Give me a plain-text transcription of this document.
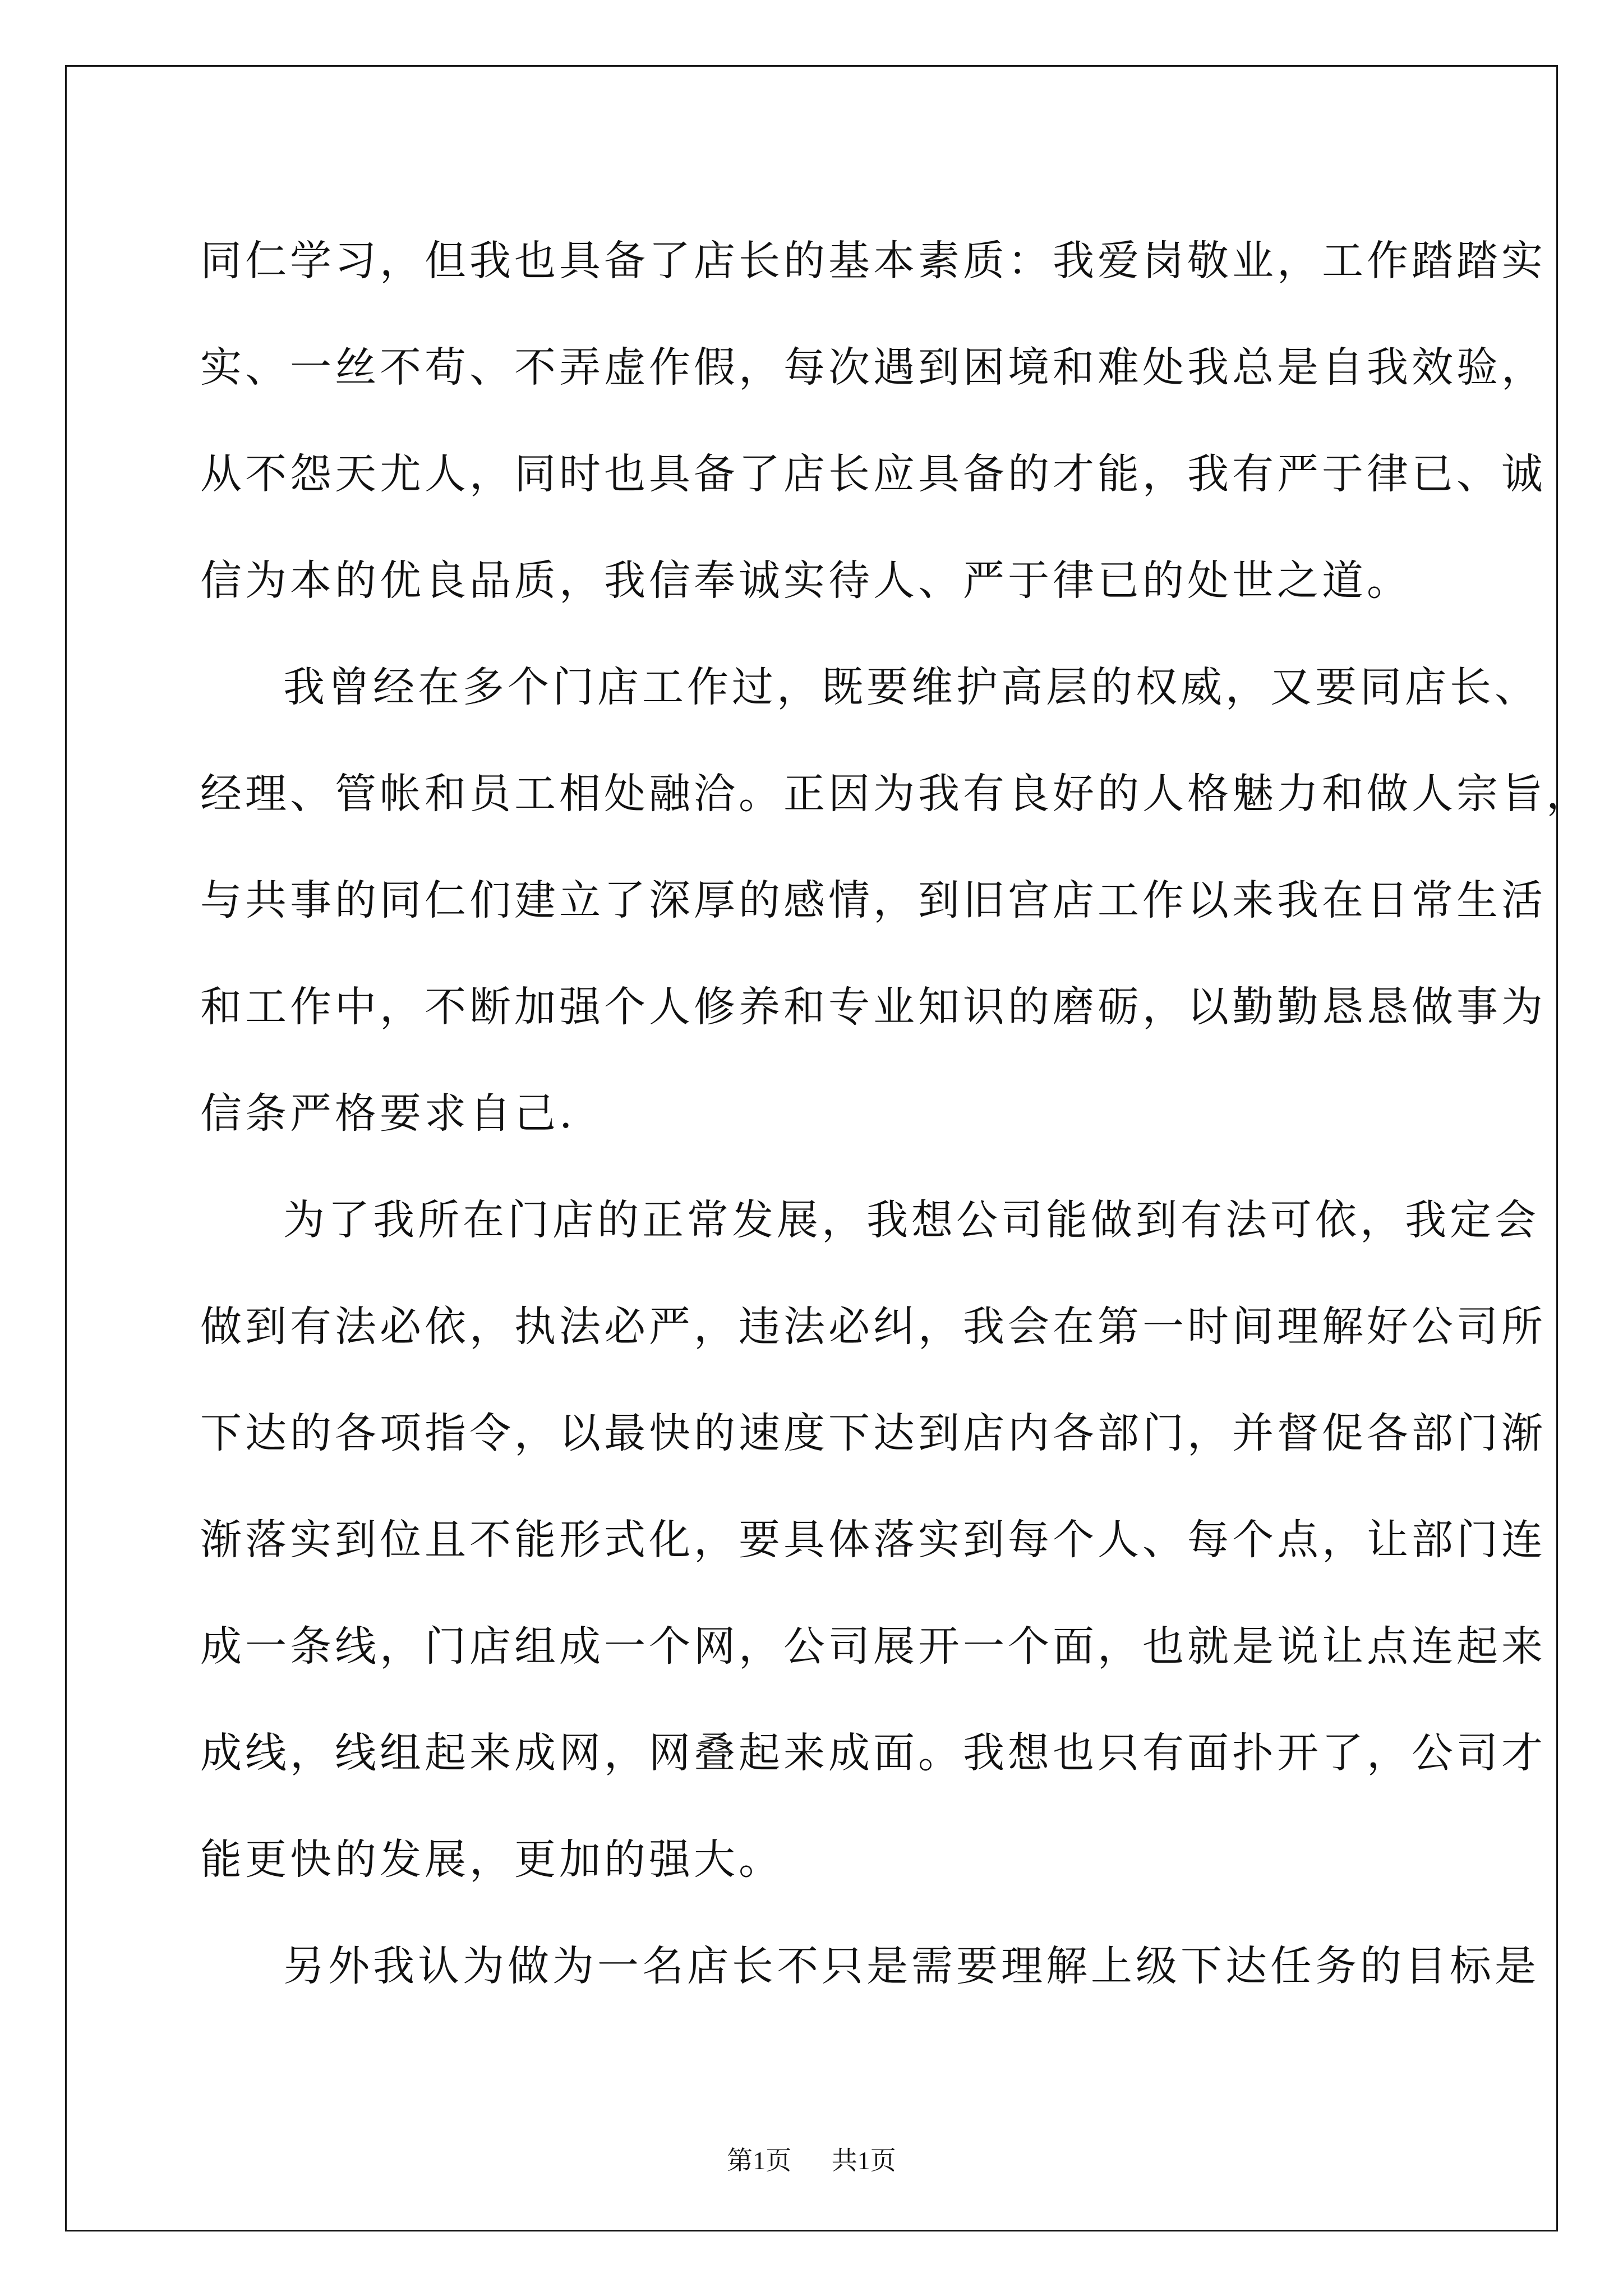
同仁学习，但我也具备了店长的基本素质：我爱岗敬业，工作踏踏实
实、一丝不苟、不弄虚作假，每次遇到困境和难处我总是自我效验，
从不怨天尤人，同时也具备了店长应具备的才能，我有严于律已、诚
信为本的优良品质，我信奉诚实待人、严于律已的处世之道。
我曾经在多个门店工作过，既要维护高层的权威，又要同店长、
经理、管帐和员工相处融洽。正因为我有良好的人格魅力和做人宗旨，
与共事的同仁们建立了深厚的感情，到旧宫店工作以来我在日常生活
和工作中，不断加强个人修养和专业知识的磨砺，以勤勤恳恳做事为
信条严格要求自己.
为了我所在门店的正常发展，我想公司能做到有法可依，我定会
做到有法必依，执法必严，违法必纠，我会在第一时间理解好公司所
下达的各项指令，以最快的速度下达到店内各部门，并督促各部门渐
渐落实到位且不能形式化，要具体落实到每个人、每个点，让部门连
成一条线，门店组成一个网，公司展开一个面，也就是说让点连起来
成线，线组起来成网，网叠起来成面。我想也只有面扑开了，公司才
能更快的发展，更加的强大。
另外我认为做为一名店长不只是需要理解上级下达任务的目标是
第1页 共1页
